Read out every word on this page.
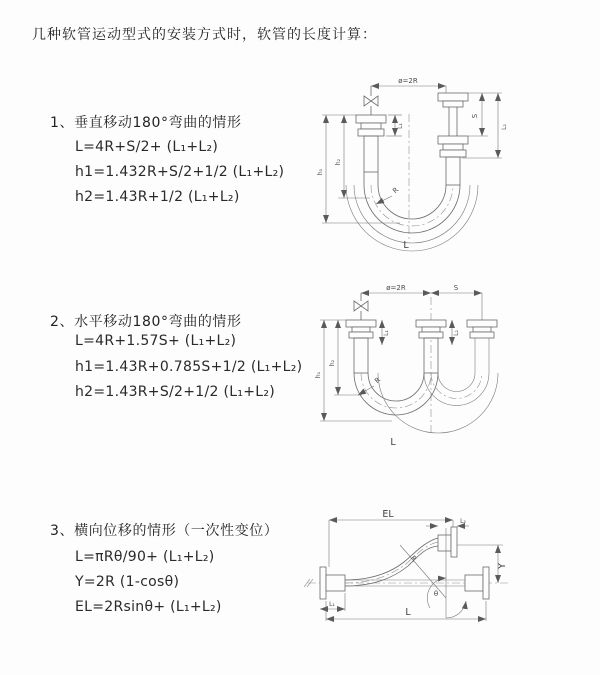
几种软管运动型式的安装方式时，软管的长度计算：
1、垂直移动180°弯曲的情形
L=4R+S/2+ (L₁+L₂)
h1=1.432R+S/2+1/2 (L₁+L₂)
h2=1.43R+1/2 (L₁+L₂)
2、水平移动180°弯曲的情形
L=4R+1.57S+ (L₁+L₂)
h1=1.43R+0.785S+1/2 (L₁+L₂)
h2=1.43R+S/2+1/2 (L₁+L₂)
3、横向位移的情形（一次性变位）
L=πRθ/90+ (L₁+L₂)
Y=2R (1-cosθ)
EL=2Rsinθ+ (L₁+L₂)
ø=2R
S
L₂
L₁
h₂
h₁
R
L
ø=2R	S
L₁	L₂
h₂
h₁
R
L
EL
L₂
Y
R
θ
L₁
L
